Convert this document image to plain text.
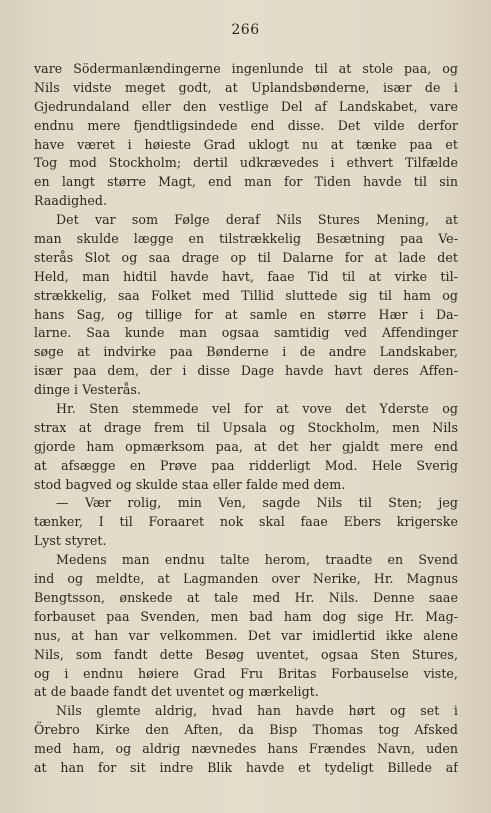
266
vare Södermanlændingerne ingenlunde til at stole paa, og
Nils vidste meget godt, at Uplandsbønderne, især de i
Gjedrundaland eller den vestlige Del af Landskabet, vare
endnu mere fjendtligsindede end disse. Det vilde derfor
have været i høieste Grad uklogt nu at tænke paa et
Tog mod Stockholm; dertil udkrævedes i ethvert Tilfælde
en langt større Magt, end man for Tiden havde til sin
Raadighed.
Det var som Følge deraf Nils Stures Mening, at
man skulde lægge en tilstrækkelig Besætning paa Ve-
sterås Slot og saa drage op til Dalarne for at lade det
Held, man hidtil havde havt, faae Tid til at virke til-
strækkelig, saa Folket med Tillid sluttede sig til ham og
hans Sag, og tillige for at samle en større Hær i Da-
larne. Saa kunde man ogsaa samtidig ved Affendinger
søge at indvirke paa Bønderne i de andre Landskaber,
især paa dem, der i disse Dage havde havt deres Affen-
dinge i Vesterås.
Hr. Sten stemmede vel for at vove det Yderste og
strax at drage frem til Upsala og Stockholm, men Nils
gjorde ham opmærksom paa, at det her gjaldt mere end
at afsægge en Prøve paa ridderligt Mod. Hele Sverig
stod bagved og skulde staa eller falde med dem.
— Vær rolig, min Ven, sagde Nils til Sten; jeg
tænker, I til Foraaret nok skal faae Ebers krigerske
Lyst styret.
Medens man endnu talte herom, traadte en Svend
ind og meldte, at Lagmanden over Nerike, Hr. Magnus
Bengtsson, ønskede at tale med Hr. Nils. Denne saae
forbauset paa Svenden, men bad ham dog sige Hr. Mag-
nus, at han var velkommen. Det var imidlertid ikke alene
Nils, som fandt dette Besøg uventet, ogsaa Sten Stures,
og i endnu høiere Grad Fru Britas Forbauselse viste,
at de baade fandt det uventet og mærkeligt.
Nils glemte aldrig, hvad han havde hørt og set i
Örebro Kirke den Aften, da Bisp Thomas tog Afsked
med ham, og aldrig nævnedes hans Frændes Navn, uden
at han for sit indre Blik havde et tydeligt Billede af
